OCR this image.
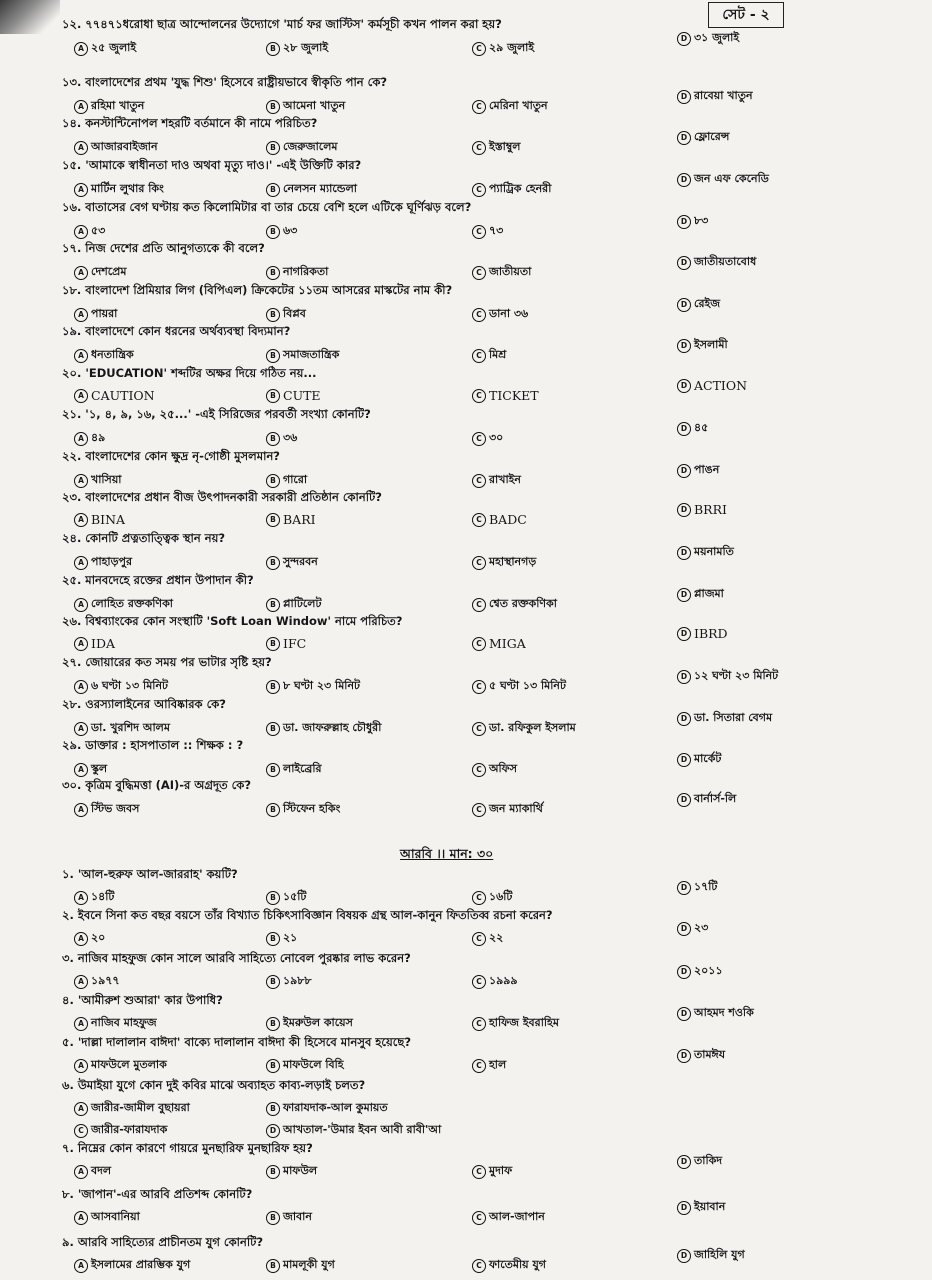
সেট - ২
১২. ৭৭৪৭১ধরোধা ছাত্র আন্দোলনের উদ্যোগে 'মার্চ ফর জাস্টিস' কর্মসূচী কখন পালন করা হয়?
A ২৫ জুলাই	B ২৮ জুলাই	C ২৯ জুলাই
D ৩১ জুলাই
১৩. বাংলাদেশের প্রথম 'যুদ্ধ শিশু' হিসেবে রাষ্ট্রীয়ভাবে স্বীকৃতি পান কে?
A রহিমা খাতুন	B আমেনা খাতুন	C মেরিনা খাতুন
D রাবেয়া খাতুন
১৪. কনস্টান্টিনোপল শহরটি বর্তমানে কী নামে পরিচিত?
A আজারবাইজান	B জেরুজালেম	C ইস্তাম্বুল
D ফ্লোরেন্স
১৫. 'আমাকে স্বাধীনতা দাও অথবা মৃত্যু দাও।' -এই উক্তিটি কার?
A মার্টিন লুথার কিং	B নেলসন ম্যান্ডেলা	C প্যাট্রিক হেনরী
D জন এফ কেনেডি
১৬. বাতাসের বেগ ঘণ্টায় কত কিলোমিটার বা তার চেয়ে বেশি হলে এটিকে ঘূর্ণিঝড় বলে?
A ৫৩	B ৬৩	C ৭৩
D ৮৩
১৭. নিজ দেশের প্রতি আনুগত্যকে কী বলে?
A দেশপ্রেম	B নাগরিকতা	C জাতীয়তা
D জাতীয়তাবোধ
১৮. বাংলাদেশ প্রিমিয়ার লিগ (বিপিএল) ক্রিকেটের ১১তম আসরের মাস্কটের নাম কী?
A পায়রা	B বিপ্লব	C ডানা ৩৬
D রেইজ
১৯. বাংলাদেশে কোন ধরনের অর্থব্যবস্থা বিদ্যমান?
A ধনতান্ত্রিক	B সমাজতান্ত্রিক	C মিশ্র
D ইসলামী
২০. 'EDUCATION' শব্দটির অক্ষর দিয়ে গঠিত নয়...
A CAUTION	B CUTE	C TICKET
D ACTION
২১. '১, ৪, ৯, ১৬, ২৫...' -এই সিরিজের পরবর্তী সংখ্যা কোনটি?
A ৪৯	B ৩৬	C ৩০
D ৪৫
২২. বাংলাদেশের কোন ক্ষুদ্র নৃ-গোষ্ঠী মুসলমান?
A খাসিয়া	B গারো	C রাখাইন
D পাঙন
২৩. বাংলাদেশের প্রধান বীজ উৎপাদনকারী সরকারী প্রতিষ্ঠান কোনটি?
A BINA	B BARI	C BADC
D BRRI
২৪. কোনটি প্রত্নতাত্ত্বিক স্থান নয়?
A পাহাড়পুর	B সুন্দরবন	C মহাস্থানগড়
D ময়নামতি
২৫. মানবদেহে রক্তের প্রধান উপাদান কী?
A লোহিত রক্তকণিকা	B প্লাটিলেট	C শ্বেত রক্তকণিকা
D প্লাজমা
২৬. বিশ্বব্যাংকের কোন সংস্থাটি 'Soft Loan Window' নামে পরিচিত?
A IDA	B IFC	C MIGA
D IBRD
২৭. জোয়ারের কত সময় পর ভাটার সৃষ্টি হয়?
A ৬ ঘণ্টা ১৩ মিনিট	B ৮ ঘণ্টা ২৩ মিনিট	C ৫ ঘণ্টা ১৩ মিনিট
D ১২ ঘণ্টা ২৩ মিনিট
২৮. ওরস্যালাইনের আবিষ্কারক কে?
A ডা. খুরশিদ আলম	B ডা. জাফরুল্লাহ চৌধুরী	C ডা. রফিকুল ইসলাম
D ডা. সিতারা বেগম
২৯. ডাক্তার : হাসপাতাল :: শিক্ষক : ?
A স্কুল	B লাইব্রেরি	C অফিস
D মার্কেট
৩০. কৃত্রিম বুদ্ধিমত্তা (AI)-র অগ্রদূত কে?
A স্টিভ জবস	B স্টিফেন হকিং	C জন ম্যাকার্থি
D বার্নার্স-লি
১. 'আল-হুরুফ আল-জাররাহ' কয়টি?
A ১৪টি	B ১৫টি	C ১৬টি
D ১৭টি
২. ইবনে সিনা কত বছর বয়সে তাঁর বিখ্যাত চিকিৎসাবিজ্ঞান বিষয়ক গ্রন্থ আল-কানুন ফিততিব্ব রচনা করেন?
A ২০	B ২১	C ২২
D ২৩
৩. নাজিব মাহফুজ কোন সালে আরবি সাহিত্যে নোবেল পুরষ্কার লাভ করেন?
A ১৯৭৭	B ১৯৮৮	C ১৯৯৯
D ২০১১
৪. 'আমীরুশ শুআরা' কার উপাধি?
A নাজিব মাহফুজ	B ইমরুউল কায়েস	C হাফিজ ইবরাহিম
D আহমদ শওকি
৫. 'দাল্লা দালালান বাঈদা' বাক্যে দালালান বাঈদা কী হিসেবে মানসুব হয়েছে?
A মাফউলে মুতলাক	B মাফউলে বিহি	C হাল
D তামঈয
৬. উমাইয়া যুগে কোন দুই কবির মাঝে অব্যাহত কাব্য-লড়াই চলত?
A জারীর-জামীল বুছায়রা	B ফারাযদাক-আল কুমায়ত
C জারীর-ফারাযদাক	D আখতাল-'উমার ইবন আবী রাবী'আ
৭. নিম্নের কোন কারণে গায়রে মুনছারিফ মুনছারিফ হয়?
A বদল	B মাফউল	C মুদাফ
D তাকিদ
৮. 'জাপান'-এর আরবি প্রতিশব্দ কোনটি?
A আসবানিয়া	B জাবান	C আল-জাপান
D ইয়াবান
৯. আরবি সাহিত্যের প্রাচীনতম যুগ কোনটি?
A ইসলামের প্রারম্ভিক যুগ	B মামলূকী যুগ	C ফাতেমীয় যুগ
D জাহিলি যুগ
আরবি ।। মান: ৩০
